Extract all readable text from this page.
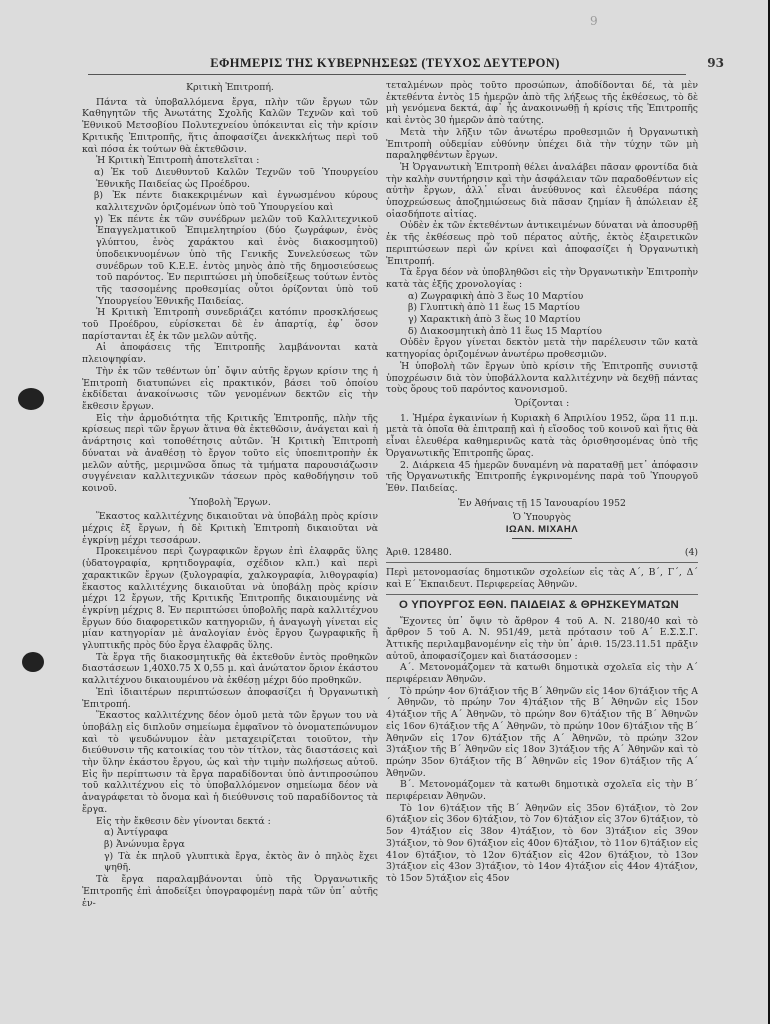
9
ΕΦΗΜΕΡΙΣ ΤΗΣ ΚΥΒΕΡΝΗΣΕΩΣ (ΤΕΥΧΟΣ ΔΕΥΤΕΡΟΝ)	93

Κριτικὴ Ἐπιτροπή.

Πάντα τὰ ὑποβαλλόμενα ἔργα, πλὴν τῶν ἔργων τῶν Καθηγητῶν τῆς Ἀνωτάτης Σχολῆς Καλῶν Τεχνῶν καὶ τοῦ Ἐθνικοῦ Μετσοβίου Πολυτεχνείου ὑπόκεινται εἰς τὴν κρίσιν Κριτικῆς Ἐπιτροπῆς, ἥτις ἀποφασίζει ἀνεκκλήτως περὶ τοῦ καὶ πόσα ἐκ τούτων θὰ ἐκτεθῶσιν.

Ἡ Κριτικὴ Ἐπιτροπὴ ἀποτελεῖται :

α) Ἐκ τοῦ Διευθυντοῦ Καλῶν Τεχνῶν τοῦ Ὑπουργείου Ἐθνικῆς Παιδείας ὡς Προέδρου.

β) Ἐκ πέντε διακεκριμένων καὶ ἐγνωσμένου κύρους καλλιτεχνῶν ὁριζομένων ὑπὸ τοῦ Ὑπουργείου καὶ

γ) Ἐκ πέντε ἐκ τῶν συνέδρων μελῶν τοῦ Καλλιτεχνικοῦ Ἐπαγγελματικοῦ Ἐπιμελητηρίου (δύο ζωγράφων, ἑνὸς γλύπτου, ἑνὸς χαράκτου καὶ ἑνὸς διακοσμητοῦ) ὑποδεικνυομένων ὑπὸ τῆς Γενικῆς Συνελεύσεως τῶν συνέδρων τοῦ Κ.Ε.Ε. ἐντὸς μηνὸς ἀπὸ τῆς δημοσιεύσεως τοῦ παρόντος. Ἐν περιπτώσει μὴ ὑποδείξεως τούτων ἐντὸς τῆς τασσομένης προθεσμίας οὗτοι ὁρίζονται ὑπὸ τοῦ Ὑπουργείου Ἐθνικῆς Παιδείας.

Ἡ Κριτικὴ Ἐπιτροπὴ συνεδριάζει κατόπιν προσκλήσεως τοῦ Προέδρου, εὑρίσκεται δὲ ἐν ἀπαρτίᾳ, ἐφ᾽ ὅσον παρίστανται ἐξ ἐκ τῶν μελῶν αὐτῆς.

Αἱ ἀποφάσεις τῆς Ἐπιτροπῆς λαμβάνονται κατὰ πλειοψηφίαν.

Τὴν ἐκ τῶν τεθέντων ὑπ᾽ ὄψιν αὐτῆς ἔργων κρίσιν της ἡ Ἐπιτροπὴ διατυπώνει εἰς πρακτικόν, βάσει τοῦ ὁποίου ἐκδίδεται ἀνακοίνωσις τῶν γενομένων δεκτῶν εἰς τὴν ἔκθεσιν ἔργων.

Εἰς τὴν ἁρμοδιότητα τῆς Κριτικῆς Ἐπιτροπῆς, πλὴν τῆς κρίσεως περὶ τῶν ἔργων ἅτινα θὰ ἐκτεθῶσιν, ἀνάγεται καὶ ἡ ἀνάρτησις καὶ τοποθέτησις αὐτῶν. Ἡ Κριτικὴ Ἐπιτροπὴ δύναται νὰ ἀναθέσῃ τὸ ἔργον τοῦτο εἰς ὑποεπιτροπὴν ἐκ μελῶν αὐτῆς, μεριμνῶσα ὅπως τὰ τμήματα παρουσιάζωσιν συγγένειαν καλλιτεχνικῶν τάσεων πρὸς καθοδήγησιν τοῦ κοινοῦ.

Ὑποβολὴ Ἔργων.

Ἕκαστος καλλιτέχνης δικαιοῦται νὰ ὑποβάλῃ πρὸς κρίσιν μέχρις ἐξ ἔργων, ἡ δὲ Κριτικὴ Ἐπιτροπὴ δικαιοῦται νὰ ἐγκρίνῃ μέχρι τεσσάρων.

Προκειμένου περὶ ζωγραφικῶν ἔργων ἐπὶ ἐλαφρᾶς ὕλης (ὑδατογραφία, κρητιδογραφία, σχέδιον κλπ.) καὶ περὶ χαρακτικῶν ἔργων (ξυλογραφία, χαλκογραφία, λιθογραφία) ἕκαστος καλλιτέχνης δικαιοῦται νὰ ὑποβάλῃ πρὸς κρίσιν μέχρι 12 ἔργων, τῆς Κριτικῆς Ἐπιτροπῆς δικαιουμένης νὰ ἐγκρίνῃ μέχρις 8. Ἐν περιπτώσει ὑποβολῆς παρὰ καλλιτέχνου ἔργων δύο διαφορετικῶν κατηγοριῶν, ἡ ἀναγωγὴ γίνεται εἰς μίαν κατηγορίαν μὲ ἀναλογίαν ἑνὸς ἔργου ζωγραφικῆς ἢ γλυπτικῆς πρὸς δύο ἔργα ἐλαφρᾶς ὕλης.

Τὰ ἔργα τῆς διακοσμητικῆς θὰ ἐκτεθοῦν ἐντὸς προθηκῶν διαστάσεων 1,40Χ0.75 Χ 0,55 μ. καὶ ἀνώτατον ὅριον ἑκάστου καλλιτέχνου δικαιουμένου νὰ ἐκθέσῃ μέχρι δύο προθηκῶν.

Ἐπὶ ἰδιαιτέρων περιπτώσεων ἀποφασίζει ἡ Ὀργανωτικὴ Ἐπιτροπή.

Ἕκαστος καλλιτέχνης δέον ὁμοῦ μετὰ τῶν ἔργων του νὰ ὑποβάλῃ εἰς διπλοῦν σημείωμα ἐμφαῖνον τὸ ὀνοματεπώνυμον καὶ τὸ ψευδώνυμον ἐὰν μεταχειρίζεται τοιοῦτον, τὴν διεύθυνσιν τῆς κατοικίας του τὸν τίτλον, τὰς διαστάσεις καὶ τὴν ὕλην ἑκάστου ἔργου, ὡς καὶ τὴν τιμὴν πωλήσεως αὐτοῦ. Εἰς ἣν περίπτωσιν τὰ ἔργα παραδίδονται ὑπὸ ἀντιπροσώπου τοῦ καλλιτέχνου εἰς τὸ ὑποβαλλόμενον σημείωμα δέον νὰ ἀναγράφεται τὸ ὄνομα καὶ ἡ διεύθυνσις τοῦ παραδίδοντος τὰ ἔργα.

Εἰς τὴν ἔκθεσιν δὲν γίνονται δεκτά :

α) Ἀντίγραφα

β) Ἀνώνυμα ἔργα

γ) Τὰ ἐκ πηλοῦ γλυπτικὰ ἔργα, ἐκτὸς ἂν ὁ πηλὸς ἔχει ψηθῆ.

Τὰ ἔργα παραλαμβάνονται ὑπὸ τῆς Ὀργανωτικῆς Ἐπιτροπῆς ἐπὶ ἀποδείξει ὑπογραφομένῃ παρὰ τῶν ὑπ᾽ αὐτῆς ἐν-

τεταλμένων πρὸς τοῦτο προσώπων, ἀποδίδονται δέ, τὰ μὲν ἐκτεθέντα ἐντὸς 15 ἡμερῶν ἀπὸ τῆς λήξεως τῆς ἐκθέσεως, τὸ δὲ μὴ γενόμενα δεκτά, ἀφ᾽ ἧς ἀνακοινωθῇ ἡ κρίσις τῆς Ἐπιτροπῆς καὶ ἐντὸς 30 ἡμερῶν ἀπὸ ταύτης.

Μετὰ τὴν λῆξιν τῶν ἀνωτέρω προθεσμιῶν ἡ Ὀργανωτικὴ Ἐπιτροπὴ οὐδεμίαν εὐθύνην ὑπέχει διὰ τὴν τύχην τῶν μὴ παραληφθέντων ἔργων.

Ἡ Ὀργανωτικὴ Ἐπιτροπὴ θέλει ἀναλάβει πᾶσαν φροντίδα διὰ τὴν καλὴν συντήρησιν καὶ τὴν ἀσφάλειαν τῶν παραδοθέντων εἰς αὐτὴν ἔργων, ἀλλ᾽ εἶναι ἀνεύθυνος καὶ ἐλευθέρα πάσης ὑποχρεώσεως ἀποζημιώσεως διὰ πᾶσαν ζημίαν ἢ ἀπώλειαν ἐξ οἱασδήποτε αἰτίας.

Οὐδὲν ἐκ τῶν ἐκτεθέντων ἀντικειμένων δύναται νὰ ἀποσυρθῇ ἐκ τῆς ἐκθέσεως πρὸ τοῦ πέρατος αὐτῆς, ἐκτὸς ἐξαιρετικῶν περιπτώσεων περὶ ὧν κρίνει καὶ ἀποφασίζει ἡ Ὀργανωτικὴ Ἐπιτροπή.

Τὰ ἔργα δέον νὰ ὑποβληθῶσι εἰς τὴν Ὀργανωτικὴν Ἐπιτροπὴν κατὰ τὰς ἑξῆς χρονολογίας :

α) Ζωγραφικὴ ἀπὸ 3 ἕως 10 Μαρτίου

β) Γλυπτικὴ ἀπὸ 11 ἕως 15 Μαρτίου

γ) Χαρακτικὴ ἀπὸ 3 ἕως 10 Μαρτίου

δ) Διακοσμητικὴ ἀπὸ 11 ἕως 15 Μαρτίου

Οὐδὲν ἔργον γίνεται δεκτὸν μετὰ τὴν παρέλευσιν τῶν κατὰ κατηγορίας ὁριζομένων ἀνωτέρω προθεσμιῶν.

Ἡ ὑποβολὴ τῶν ἔργων ὑπὸ κρίσιν τῆς Ἐπιτροπῆς συνιστᾷ ὑποχρέωσιν διὰ τὸν ὑποβάλλοντα καλλιτέχνην νὰ δεχθῇ πάντας τοὺς ὅρους τοῦ παρόντος κανονισμοῦ.

Ὁρίζονται :

1. Ἡμέρα ἐγκαινίων ἡ Κυριακὴ 6 Ἀπριλίου 1952, ὥρα 11 π.μ. μετὰ τὰ ὁποῖα θὰ ἐπιτραπῇ καὶ ἡ εἴσοδος τοῦ κοινοῦ καὶ ἥτις θὰ εἶναι ἐλευθέρα καθημερινῶς κατὰ τὰς ὁρισθησομένας ὑπὸ τῆς Ὀργανωτικῆς Ἐπιτροπῆς ὥρας.

2. Διάρκεια 45 ἡμερῶν δυναμένη νὰ παραταθῇ μετ᾽ ἀπόφασιν τῆς Ὀργανωτικῆς Ἐπιτροπῆς ἐγκρινομένης παρὰ τοῦ Ὑπουργοῦ Ἐθν. Παιδείας.

Ἐν Ἀθήναις τῇ 15 Ἰανουαρίου 1952

Ὁ Ὑπουργὸς

ΙΩΑΝ. ΜΙΧΑΗΛ

Ἀριθ. 128480.	(4)

Περὶ μετονομασίας δημοτικῶν σχολείων εἰς τὰς Α´, Β´, Γ´, Δ´ καὶ Ε´ Ἐκπαιδευτ. Περιφερείας Ἀθηνῶν.

Ο ΥΠΟΥΡΓΟΣ ΕΘΝ. ΠΑΙΔΕΙΑΣ & ΘΡΗΣΚΕΥΜΑΤΩΝ

Ἔχοντες ὑπ᾽ ὄψιν τὸ ἄρθρον 4 τοῦ Α. Ν. 2180/40 καὶ τὸ ἄρθρον 5 τοῦ Α. Ν. 951/49, μετὰ πρότασιν τοῦ Α´ Ε.Σ.Σ.Γ. Ἀττικῆς περιλαμβανομένην εἰς τὴν ὑπ᾽ ἀριθ. 15/23.11.51 πρᾶξιν αὐτοῦ, ἀποφασίζομεν καὶ διατάσσομεν :

Α´. Μετονομάζομεν τὰ κατωθι δημοτικὰ σχολεῖα εἰς τὴν Α´ περιφέρειαν Ἀθηνῶν.

Τὸ πρώην 4ον 6)τάξιον τῆς Β´ Ἀθηνῶν εἰς 14ον 6)τάξιον τῆς Α´ Ἀθηνῶν, τὸ πρώην 7ον 4)τάξιον τῆς Β´ Ἀθηνῶν εἰς 15ον 4)τάξιον τῆς Α´ Ἀθηνῶν, τὸ πρώην 8ον 6)τάξιον τῆς Β´ Ἀθηνῶν εἰς 16ον 6)τάξιον τῆς Α´ Ἀθηνῶν, τὸ πρώην 10ον 6)τάξιον τῆς Β´ Ἀθηνῶν εἰς 17ον 6)τάξιον τῆς Α´ Ἀθηνῶν, τὸ πρώην 32ον 3)τάξιον τῆς Β´ Ἀθηνῶν εἰς 18ον 3)τάξιον τῆς Α´ Ἀθηνῶν καὶ τὸ πρώην 35ον 6)τάξιον τῆς Β´ Ἀθηνῶν εἰς 19ον 6)τάξιον τῆς Α´ Ἀθηνῶν.

Β´. Μετονομάζομεν τὰ κατωθι δημοτικὰ σχολεῖα εἰς τὴν Β´ περιφέρειαν Ἀθηνῶν.

Τὸ 1ον 6)τάξιον τῆς Β´ Ἀθηνῶν εἰς 35ον 6)τάξιον, τὸ 2ον 6)τάξιον εἰς 36ον 6)τάξιον, τὸ 7ον 6)τάξιον εἰς 37ον 6)τάξιον, τὸ 5ον 4)τάξιον εἰς 38ον 4)τάξιον, τὸ 6ον 3)τάξιον εἰς 39ον 3)τάξιον, τὸ 9ον 6)τάξιον εἰς 40ον 6)τάξιον, τὸ 11ον 6)τάξιον εἰς 41ον 6)τάξιον, τὸ 12ον 6)τάξιον εἰς 42ον 6)τάξιον, τὸ 13ον 3)τάξιον εἰς 43ον 3)τάξιον, τὸ 14ον 4)τάξιον εἰς 44ον 4)τάξιον, τὸ 15ον 5)τάξιον εἰς 45ον
